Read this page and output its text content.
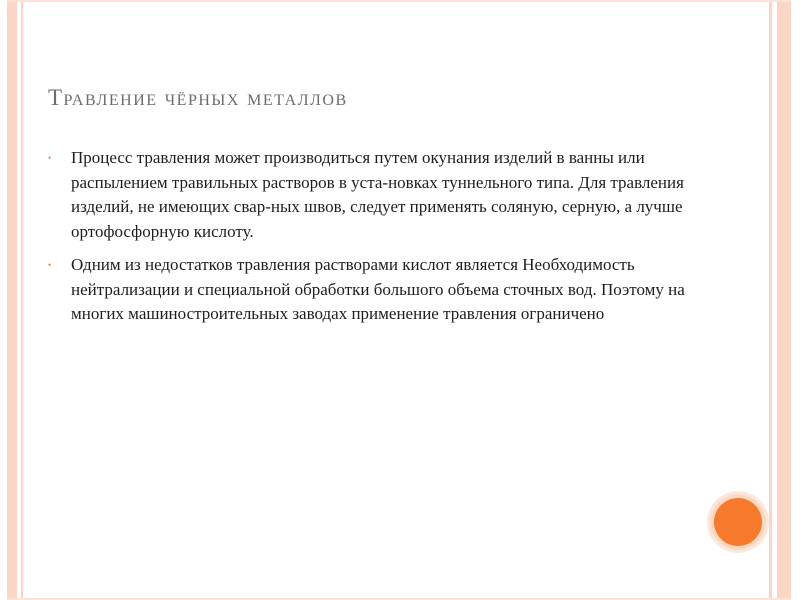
Травление чёрных металлов
• Процесс травления может производиться путем окунания изделий в ванны или распылением травильных растворов в уста-новках туннельного типа. Для травления изделий, не имеющих свар-ных швов, следует применять соляную, серную, а лучше ортофосфорную кислоту.
• Одним из недостатков травления растворами кислот является Необходимость нейтрализации и специальной обработки большого объема сточных вод. Поэтому на многих машиностроительных заводах применение травления ограничено
